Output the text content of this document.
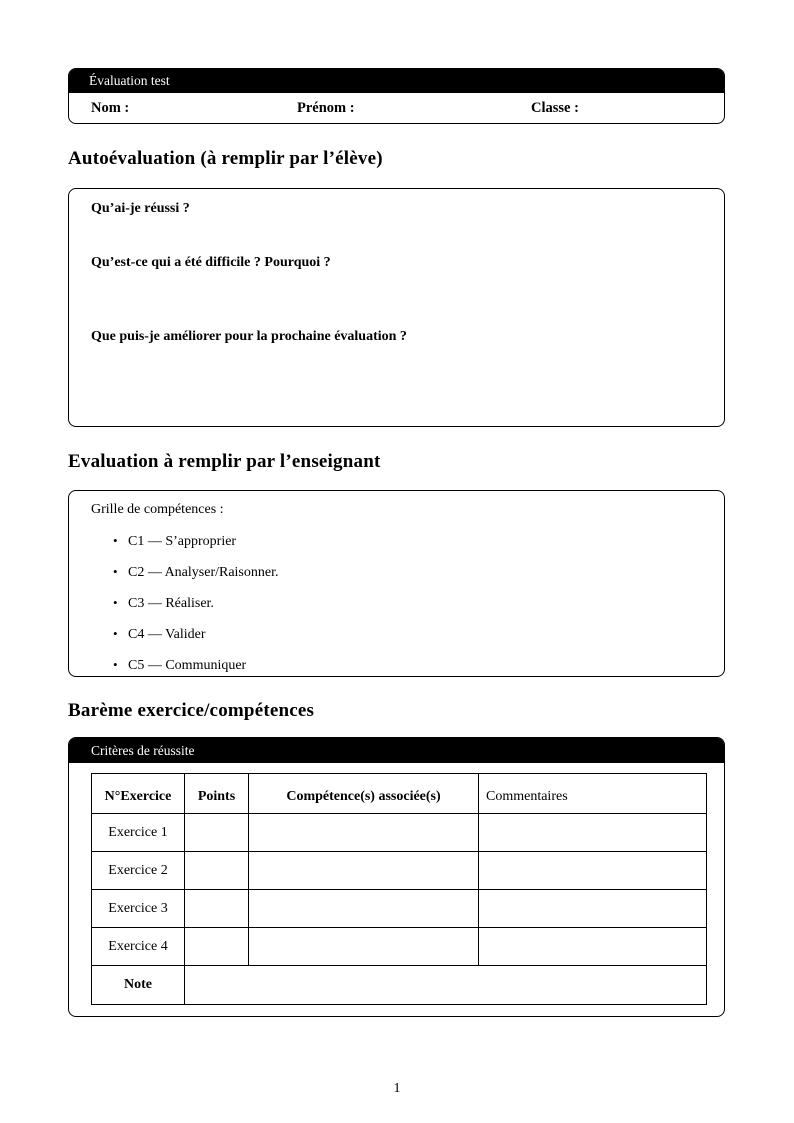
Évaluation test
Nom :	Prénom :	Classe :
Autoévaluation (à remplir par l’élève)

Qu’ai-je réussi ?

Qu’est-ce qui a été difficile ? Pourquoi ?

Que puis-je améliorer pour la prochaine évaluation ?

Evaluation à remplir par l’enseignant

Grille de compétences :

• C1 — S’approprier
• C2 — Analyser/Raisonner.
• C3 — Réaliser.
• C4 — Valider
• C5 — Communiquer
Barème exercice/compétences
Critères de réussite
N°Exercice	Points	Compétence(s) associée(s)	Commentaires
Exercice 1			
Exercice 2			
Exercice 3			
Exercice 4			
Note			
1
